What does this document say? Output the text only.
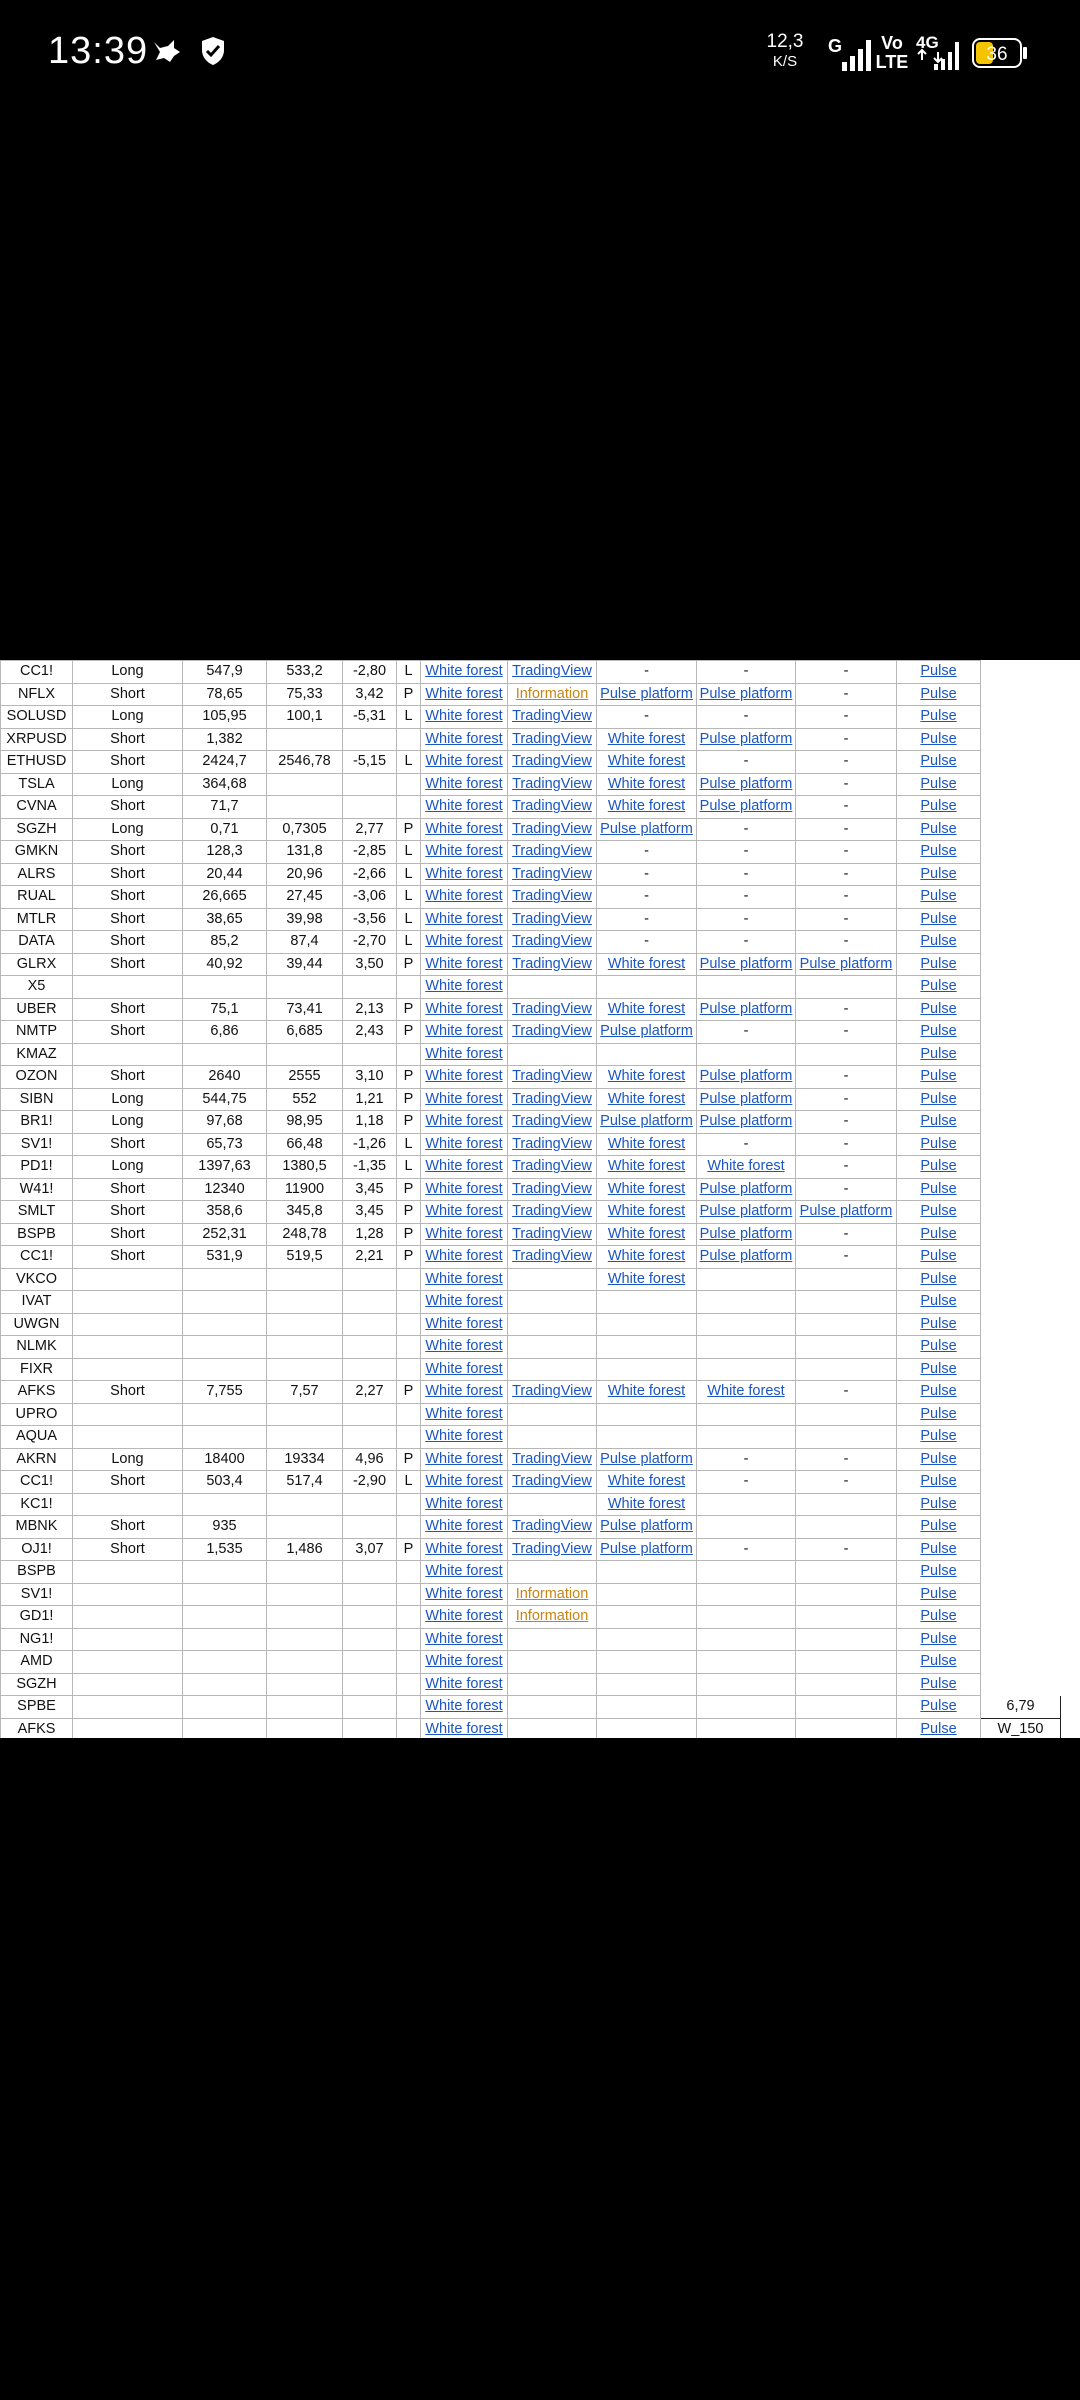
13:39	12,3
K/S
G	Vo
LTE
4G
36
CC1!	Long	547,9	533,2	-2,80	L	White forest	TradingView	-	-	-	Pulse	
NFLX	Short	78,65	75,33	3,42	P	White forest	Information	Pulse platform	Pulse platform	-	Pulse	
SOLUSD	Long	105,95	100,1	-5,31	L	White forest	TradingView	-	-	-	Pulse	
XRPUSD	Short	1,382				White forest	TradingView	White forest	Pulse platform	-	Pulse	
ETHUSD	Short	2424,7	2546,78	-5,15	L	White forest	TradingView	White forest	-	-	Pulse	
TSLA	Long	364,68				White forest	TradingView	White forest	Pulse platform	-	Pulse	
CVNA	Short	71,7				White forest	TradingView	White forest	Pulse platform	-	Pulse	
SGZH	Long	0,71	0,7305	2,77	P	White forest	TradingView	Pulse platform	-	-	Pulse	
GMKN	Short	128,3	131,8	-2,85	L	White forest	TradingView	-	-	-	Pulse	
ALRS	Short	20,44	20,96	-2,66	L	White forest	TradingView	-	-	-	Pulse	
RUAL	Short	26,665	27,45	-3,06	L	White forest	TradingView	-	-	-	Pulse	
MTLR	Short	38,65	39,98	-3,56	L	White forest	TradingView	-	-	-	Pulse	
DATA	Short	85,2	87,4	-2,70	L	White forest	TradingView	-	-	-	Pulse	
GLRX	Short	40,92	39,44	3,50	P	White forest	TradingView	White forest	Pulse platform	Pulse platform	Pulse	
X5						White forest					Pulse	
UBER	Short	75,1	73,41	2,13	P	White forest	TradingView	White forest	Pulse platform	-	Pulse	
NMTP	Short	6,86	6,685	2,43	P	White forest	TradingView	Pulse platform	-	-	Pulse	
KMAZ						White forest					Pulse	
OZON	Short	2640	2555	3,10	P	White forest	TradingView	White forest	Pulse platform	-	Pulse	
SIBN	Long	544,75	552	1,21	P	White forest	TradingView	White forest	Pulse platform	-	Pulse	
BR1!	Long	97,68	98,95	1,18	P	White forest	TradingView	Pulse platform	Pulse platform	-	Pulse	
SV1!	Short	65,73	66,48	-1,26	L	White forest	TradingView	White forest	-	-	Pulse	
PD1!	Long	1397,63	1380,5	-1,35	L	White forest	TradingView	White forest	White forest	-	Pulse	
W41!	Short	12340	11900	3,45	P	White forest	TradingView	White forest	Pulse platform	-	Pulse	
SMLT	Short	358,6	345,8	3,45	P	White forest	TradingView	White forest	Pulse platform	Pulse platform	Pulse	
BSPB	Short	252,31	248,78	1,28	P	White forest	TradingView	White forest	Pulse platform	-	Pulse	
CC1!	Short	531,9	519,5	2,21	P	White forest	TradingView	White forest	Pulse platform	-	Pulse	
VKCO						White forest		White forest			Pulse	
IVAT						White forest					Pulse	
UWGN						White forest					Pulse	
NLMK						White forest					Pulse	
FIXR						White forest					Pulse	
AFKS	Short	7,755	7,57	2,27	P	White forest	TradingView	White forest	White forest	-	Pulse	
UPRO						White forest					Pulse	
AQUA						White forest					Pulse	
AKRN	Long	18400	19334	4,96	P	White forest	TradingView	Pulse platform	-	-	Pulse	
CC1!	Short	503,4	517,4	-2,90	L	White forest	TradingView	White forest	-	-	Pulse	
KC1!						White forest		White forest			Pulse	
MBNK	Short	935				White forest	TradingView	Pulse platform			Pulse	
OJ1!	Short	1,535	1,486	3,07	P	White forest	TradingView	Pulse platform	-	-	Pulse	
BSPB						White forest					Pulse	
SV1!						White forest	Information				Pulse	
GD1!						White forest	Information				Pulse	
NG1!						White forest					Pulse	
AMD						White forest					Pulse	
SGZH						White forest					Pulse	
SPBE						White forest					Pulse	6,79
AFKS						White forest					Pulse	W_150
